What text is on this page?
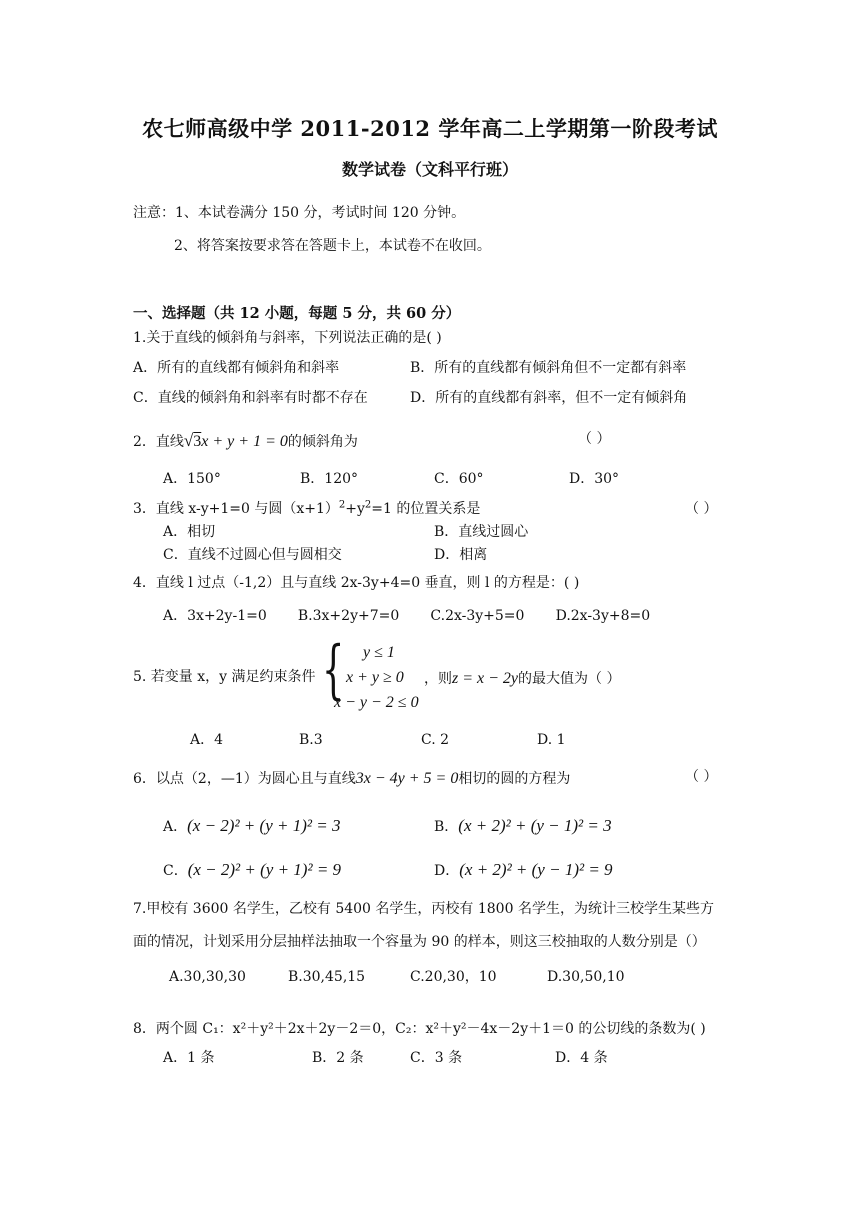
农七师高级中学 2011-2012 学年高二上学期第一阶段考试
数学试卷（文科平行班）
注意：1、本试卷满分 150 分，考试时间 120 分钟。
2、将答案按要求答在答题卡上，本试卷不在收回。
一、选择题（共 12 小题，每题 5 分，共 60 分）
1.关于直线的倾斜角与斜率，下列说法正确的是( )
A．所有的直线都有倾斜角和斜率	B．所有的直线都有倾斜角但不一定都有斜率
C．直线的倾斜角和斜率有时都不存在	D．所有的直线都有斜率，但不一定有倾斜角
2．直线√3x + y + 1 = 0的倾斜角为	（ ）
A．150°	B．120°	C．60°	D．30°
3．直线 x-y+1=0 与圆$(x+1)^2+y^2=1$ 的位置关系是	（ ）
A．相切	B．直线过圆心
C．直线不过圆心但与圆相交	D．相离
4．直线 l 过点（-1,2）且与直线 2x-3y+4=0 垂直，则 l 的方程是：( )
A．3x+2y-1=0       B.3x+2y+7=0       C.2x-3y+5=0       D.2x-3y+8=0
5. 若变量 x，y 满足约束条件 { y ≤ 1
x + y ≥ 0
x − y − 2 ≤ 0
，则z = x − 2y的最大值为（ ）
A．4	B.3	C. 2	D. 1
6．以点（2，—1）为圆心且与直线3x − 4y + 5 = 0相切的圆的方程为	（ ）
A．(x − 2)² + (y + 1)² = 3	B．(x + 2)² + (y − 1)² = 3
C．(x − 2)² + (y + 1)² = 9	D．(x + 2)² + (y − 1)² = 9
7.甲校有 3600 名学生，乙校有 5400 名学生，丙校有 1800 名学生，为统计三校学生某些方
面的情况，计划采用分层抽样法抽取一个容量为 90 的样本，则这三校抽取的人数分别是（）
A.30,30,30	B.30,45,15	C.20,30，10	D.30,50,10
8．两个圆 C₁：x²＋y²＋2x＋2y－2＝0，C₂：x²＋y²－4x－2y＋1＝0 的公切线的条数为( )
A．1 条	B．2 条	C．3 条	D．4 条
